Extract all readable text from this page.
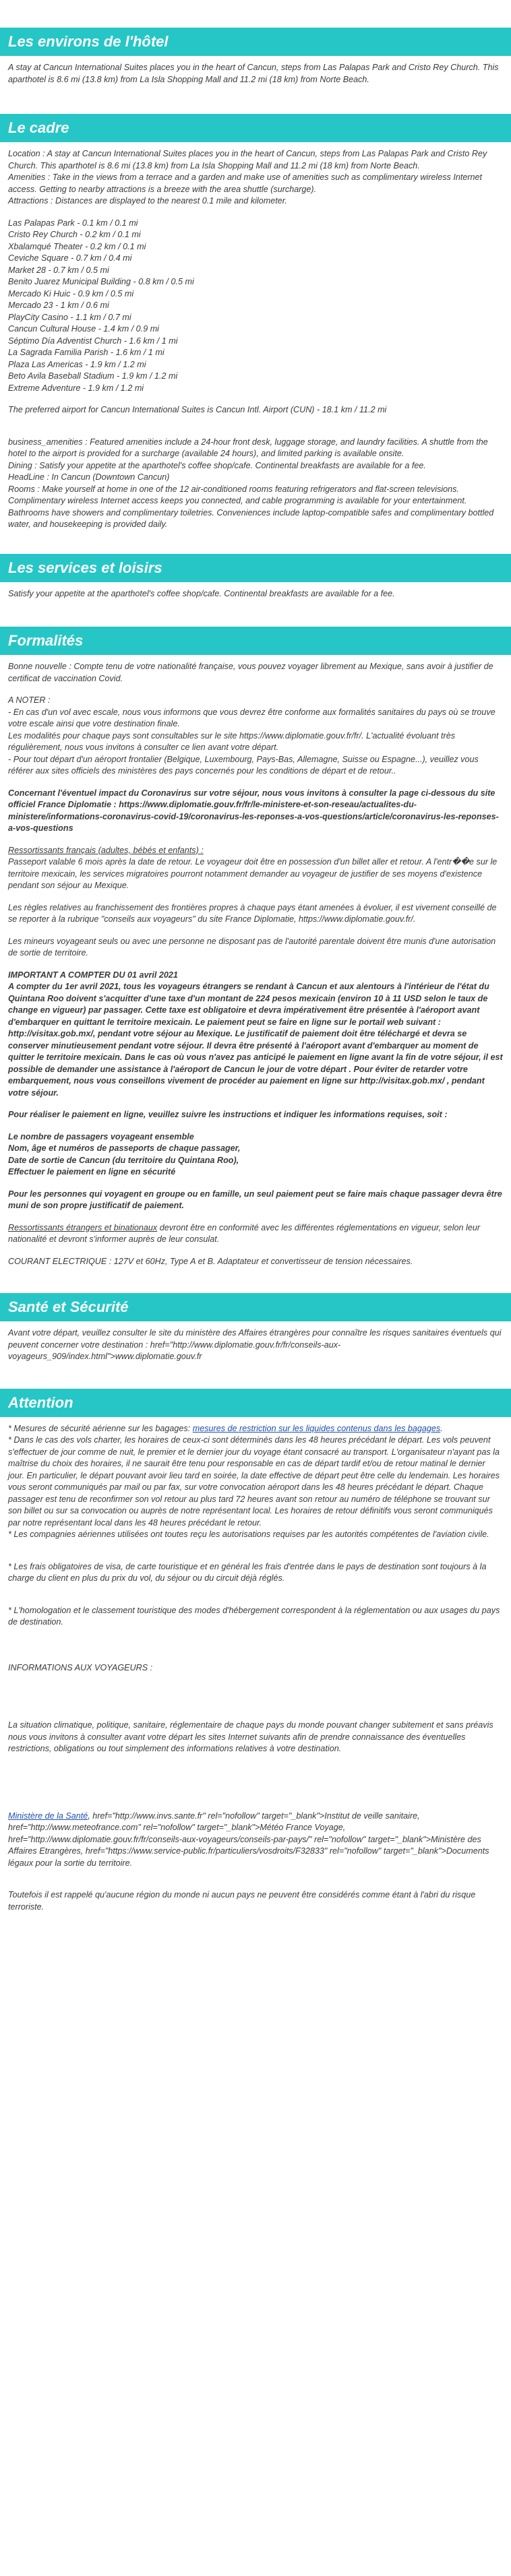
Les environs de l'hôtel

A stay at Cancun International Suites places you in the heart of Cancun, steps from Las Palapas Park and Cristo Rey Church. This aparthotel is 8.6 mi (13.8 km) from La Isla Shopping Mall and 11.2 mi (18 km) from Norte Beach.

Le cadre

Location : A stay at Cancun International Suites places you in the heart of Cancun, steps from Las Palapas Park and Cristo Rey Church. This aparthotel is 8.6 mi (13.8 km) from La Isla Shopping Mall and 11.2 mi (18 km) from Norte Beach.

Amenities : Take in the views from a terrace and a garden and make use of amenities such as complimentary wireless Internet access. Getting to nearby attractions is a breeze with the area shuttle (surcharge).

Attractions : Distances are displayed to the nearest 0.1 mile and kilometer.

Las Palapas Park - 0.1 km / 0.1 mi
Cristo Rey Church - 0.2 km / 0.1 mi
Xbalamqué Theater - 0.2 km / 0.1 mi
Ceviche Square - 0.7 km / 0.4 mi
Market 28 - 0.7 km / 0.5 mi
Benito Juarez Municipal Building - 0.8 km / 0.5 mi
Mercado Ki Huic - 0.9 km / 0.5 mi
Mercado 23 - 1 km / 0.6 mi
PlayCity Casino - 1.1 km / 0.7 mi
Cancun Cultural House - 1.4 km / 0.9 mi
Séptimo Día Adventist Church - 1.6 km / 1 mi
La Sagrada Familia Parish - 1.6 km / 1 mi
Plaza Las Americas - 1.9 km / 1.2 mi
Beto Avila Baseball Stadium - 1.9 km / 1.2 mi
Extreme Adventure - 1.9 km / 1.2 mi

The preferred airport for Cancun International Suites is Cancun Intl. Airport (CUN) - 18.1 km / 11.2 mi

business_amenities : Featured amenities include a 24-hour front desk, luggage storage, and laundry facilities. A shuttle from the hotel to the airport is provided for a surcharge (available 24 hours), and limited parking is available onsite.

Dining : Satisfy your appetite at the aparthotel's coffee shop/cafe. Continental breakfasts are available for a fee.

HeadLine : In Cancun (Downtown Cancun)

Rooms : Make yourself at home in one of the 12 air-conditioned rooms featuring refrigerators and flat-screen televisions. Complimentary wireless Internet access keeps you connected, and cable programming is available for your entertainment. Bathrooms have showers and complimentary toiletries. Conveniences include laptop-compatible safes and complimentary bottled water, and housekeeping is provided daily.

Les services et loisirs

Satisfy your appetite at the aparthotel's coffee shop/cafe. Continental breakfasts are available for a fee.

Formalités

Bonne nouvelle : Compte tenu de votre nationalité française, vous pouvez voyager librement au Mexique, sans avoir à justifier de certificat de vaccination Covid.

A NOTER :

- En cas d'un vol avec escale, nous vous informons que vous devrez être conforme aux formalités sanitaires du pays où se trouve votre escale ainsi que votre destination finale.

Les modalités pour chaque pays sont consultables sur le site https://www.diplomatie.gouv.fr/fr/. L'actualité évoluant très régulièrement, nous vous invitons à consulter ce lien avant votre départ.

- Pour tout départ d'un aéroport frontalier (Belgique, Luxembourg, Pays-Bas, Allemagne, Suisse ou Espagne...), veuillez vous référer aux sites officiels des ministères des pays concernés pour les conditions de départ et de retour..

Concernant l'éventuel impact du Coronavirus sur votre séjour, nous vous invitons à consulter la page ci-dessous du site officiel France Diplomatie : https://www.diplomatie.gouv.fr/fr/le-ministere-et-son-reseau/actualites-du-ministere/informations-coronavirus-covid-19/coronavirus-les-reponses-a-vos-questions/article/coronavirus-les-reponses-a-vos-questions

Ressortissants français (adultes, bébés et enfants) :

Passeport valable 6 mois après la date de retour. Le voyageur doit être en possession d'un billet aller et retour. A l'entr��e sur le territoire mexicain, les services migratoires pourront notamment demander au voyageur de justifier de ses moyens d'existence pendant son séjour au Mexique.

Les règles relatives au franchissement des frontières propres à chaque pays étant amenées à évoluer, il est vivement conseillé de se reporter à la rubrique "conseils aux voyageurs" du site France Diplomatie, https://www.diplomatie.gouv.fr/.

Les mineurs voyageant seuls ou avec une personne ne disposant pas de l'autorité parentale doivent être munis d'une autorisation de sortie de territoire.

IMPORTANT A COMPTER DU 01 avril 2021

A compter du 1er avril 2021, tous les voyageurs étrangers se rendant à Cancun et aux alentours à l'intérieur de l'état du Quintana Roo doivent s'acquitter d'une taxe d'un montant de 224 pesos mexicain (environ 10 à 11 USD selon le taux de change en vigueur) par passager. Cette taxe est obligatoire et devra impérativement être présentée à l'aéroport avant d'embarquer en quittant le territoire mexicain. Le paiement peut se faire en ligne sur le portail web suivant : http://visitax.gob.mx/, pendant votre séjour au Mexique. Le justificatif de paiement doit être téléchargé et devra se conserver minutieusement pendant votre séjour. Il devra être présenté à l'aéroport avant d'embarquer au moment de quitter le territoire mexicain. Dans le cas où vous n'avez pas anticipé le paiement en ligne avant la fin de votre séjour, il est possible de demander une assistance à l'aéroport de Cancun le jour de votre départ . Pour éviter de retarder votre embarquement, nous vous conseillons vivement de procéder au paiement en ligne sur http://visitax.gob.mx/ , pendant votre séjour.

Pour réaliser le paiement en ligne, veuillez suivre les instructions et indiquer les informations requises, soit :

Le nombre de passagers voyageant ensemble

Nom, âge et numéros de passeports de chaque passager,

Date de sortie de Cancun (du territoire du Quintana Roo),

Effectuer le paiement en ligne en sécurité

Pour les personnes qui voyagent en groupe ou en famille, un seul paiement peut se faire mais chaque passager devra être muni de son propre justificatif de paiement.

Ressortissants étrangers et binationaux devront être en conformité avec les différentes réglementations en vigueur, selon leur nationalité et devront s'informer auprès de leur consulat.

COURANT ELECTRIQUE : 127V et 60Hz, Type A et B. Adaptateur et convertisseur de tension nécessaires.

Santé et Sécurité

Avant votre départ, veuillez consulter le site du ministère des Affaires étrangères pour connaître les risques sanitaires éventuels qui peuvent concerner votre destination : href="http://www.diplomatie.gouv.fr/fr/conseils-aux-voyageurs_909/index.html">www.diplomatie.gouv.fr

Attention

* Mesures de sécurité aérienne sur les bagages: mesures de restriction sur les liquides contenus dans les bagages.

* Dans le cas des vols charter, les horaires de ceux-ci sont déterminés dans les 48 heures précédant le départ. Les vols peuvent s'effectuer de jour comme de nuit, le premier et le dernier jour du voyage étant consacré au transport. L'organisateur n'ayant pas la maîtrise du choix des horaires, il ne saurait être tenu pour responsable en cas de départ tardif et/ou de retour matinal le dernier jour. En particulier, le départ pouvant avoir lieu tard en soirée, la date effective de départ peut être celle du lendemain. Les horaires vous seront communiqués par mail ou par fax, sur votre convocation aéroport dans les 48 heures précédant le départ. Chaque passager est tenu de reconfirmer son vol retour au plus tard 72 heures avant son retour au numéro de téléphone se trouvant sur son billet ou sur sa convocation ou auprès de notre représentant local. Les horaires de retour définitifs vous seront communiqués par notre représentant local dans les 48 heures précédant le retour.

* Les compagnies aériennes utilisées ont toutes reçu les autorisations requises par les autorités compétentes de l'aviation civile.

* Les frais obligatoires de visa, de carte touristique et en général les frais d'entrée dans le pays de destination sont toujours à la charge du client en plus du prix du vol, du séjour ou du circuit déjà réglés.

* L'homologation et le classement touristique des modes d'hébergement correspondent à la réglementation ou aux usages du pays de destination.

INFORMATIONS AUX VOYAGEURS :

La situation climatique, politique, sanitaire, réglementaire de chaque pays du monde pouvant changer subitement et sans préavis

nous vous invitons à consulter avant votre départ les sites Internet suivants afin de prendre connaissance des éventuelles restrictions, obligations ou tout simplement des informations relatives à votre destination.

Ministère de la Santé, href="http://www.invs.sante.fr" rel="nofollow" target="_blank">Institut de veille sanitaire, href="http://www.meteofrance.com" rel="nofollow" target="_blank">Météo France Voyage, href="http://www.diplomatie.gouv.fr/fr/conseils-aux-voyageurs/conseils-par-pays/" rel="nofollow" target="_blank">Ministère des Affaires Etrangères, href="https://www.service-public.fr/particuliers/vosdroits/F32833" rel="nofollow" target="_blank">Documents légaux pour la sortie du territoire.

Toutefois il est rappelé qu'aucune région du monde ni aucun pays ne peuvent être considérés comme étant à l'abri du risque terroriste.
